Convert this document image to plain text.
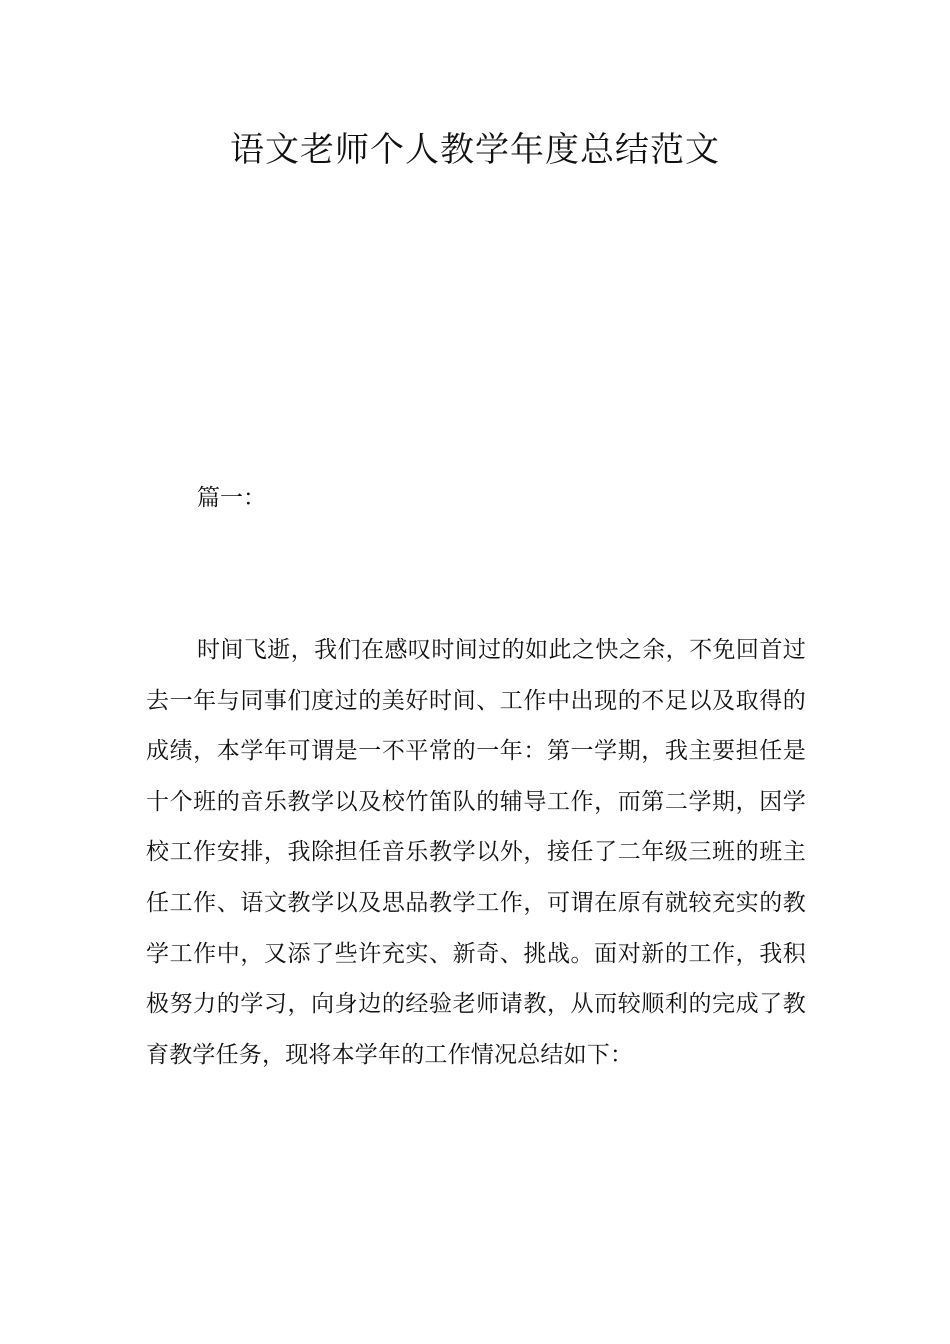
语文老师个人教学年度总结范文

篇一：

时间飞逝，我们在感叹时间过的如此之快之余，不免回首过去一年与同事们度过的美好时间、工作中出现的不足以及取得的成绩，本学年可谓是一不平常的一年：第一学期，我主要担任是十个班的音乐教学以及校竹笛队的辅导工作，而第二学期，因学校工作安排，我除担任音乐教学以外，接任了二年级三班的班主任工作、语文教学以及思品教学工作，可谓在原有就较充实的教学工作中，又添了些许充实、新奇、挑战。面对新的工作，我积极努力的学习，向身边的经验老师请教，从而较顺利的完成了教育教学任务，现将本学年的工作情况总结如下：
